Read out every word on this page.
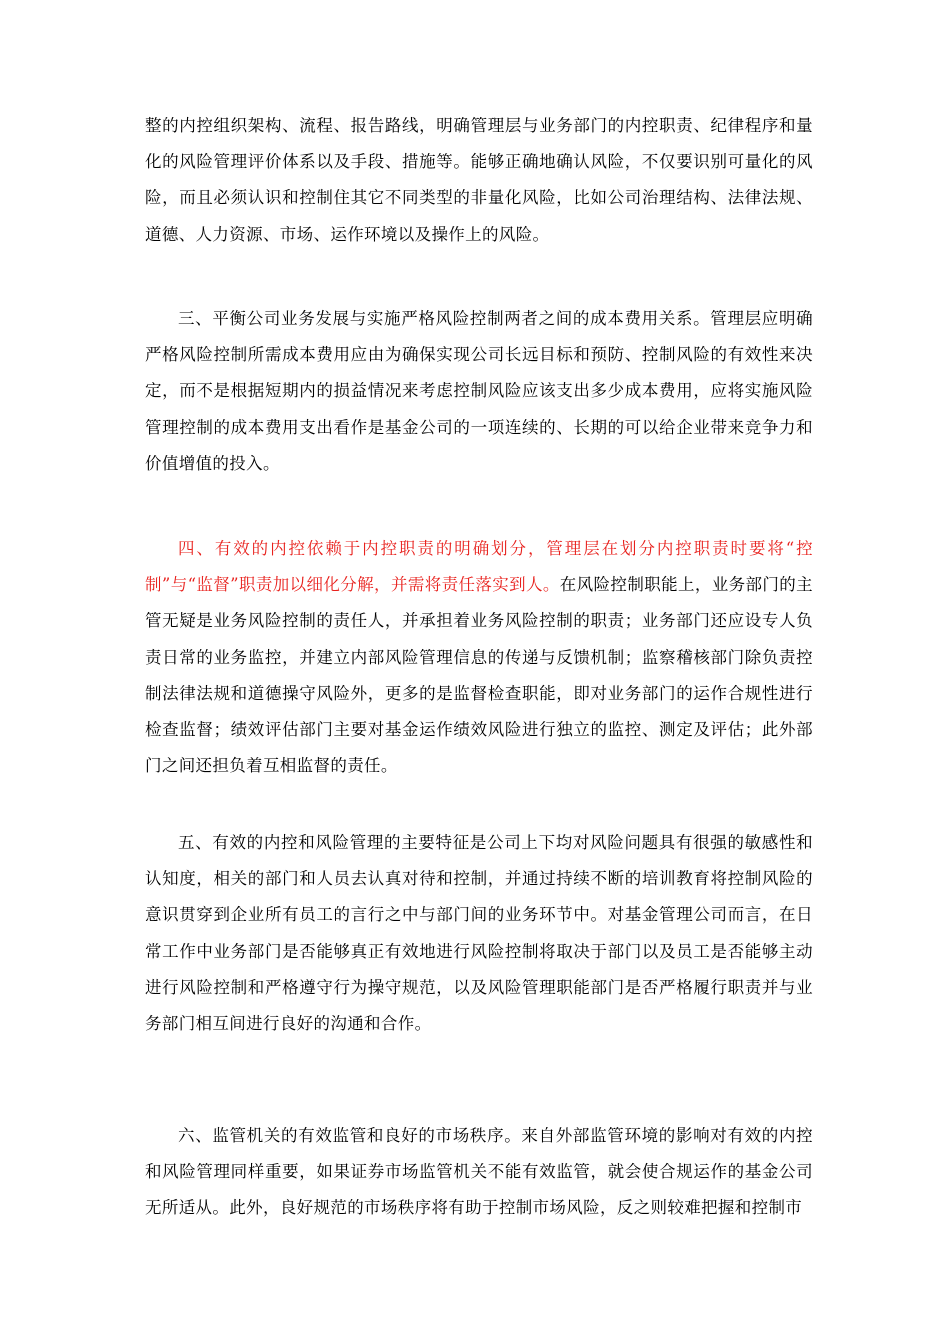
整的内控组织架构、流程、报告路线，明确管理层与业务部门的内控职责、纪律程序和量化的风险管理评价体系以及手段、措施等。能够正确地确认风险，不仅要识别可量化的风险，而且必须认识和控制住其它不同类型的非量化风险，比如公司治理结构、法律法规、道德、人力资源、市场、运作环境以及操作上的风险。

三、平衡公司业务发展与实施严格风险控制两者之间的成本费用关系。管理层应明确严格风险控制所需成本费用应由为确保实现公司长远目标和预防、控制风险的有效性来决定，而不是根据短期内的损益情况来考虑控制风险应该支出多少成本费用，应将实施风险管理控制的成本费用支出看作是基金公司的一项连续的、长期的可以给企业带来竞争力和价值增值的投入。

四、有效的内控依赖于内控职责的明确划分，管理层在划分内控职责时要将“控制”与“监督”职责加以细化分解，并需将责任落实到人。在风险控制职能上，业务部门的主管无疑是业务风险控制的责任人，并承担着业务风险控制的职责；业务部门还应设专人负责日常的业务监控，并建立内部风险管理信息的传递与反馈机制；监察稽核部门除负责控制法律法规和道德操守风险外，更多的是监督检查职能，即对业务部门的运作合规性进行检查监督；绩效评估部门主要对基金运作绩效风险进行独立的监控、测定及评估；此外部门之间还担负着互相监督的责任。

五、有效的内控和风险管理的主要特征是公司上下均对风险问题具有很强的敏感性和认知度，相关的部门和人员去认真对待和控制，并通过持续不断的培训教育将控制风险的意识贯穿到企业所有员工的言行之中与部门间的业务环节中。对基金管理公司而言，在日常工作中业务部门是否能够真正有效地进行风险控制将取决于部门以及员工是否能够主动进行风险控制和严格遵守行为操守规范，以及风险管理职能部门是否严格履行职责并与业务部门相互间进行良好的沟通和合作。

六、监管机关的有效监管和良好的市场秩序。来自外部监管环境的影响对有效的内控和风险管理同样重要，如果证券市场监管机关不能有效监管，就会使合规运作的基金公司无所适从。此外，良好规范的市场秩序将有助于控制市场风险，反之则较难把握和控制市
